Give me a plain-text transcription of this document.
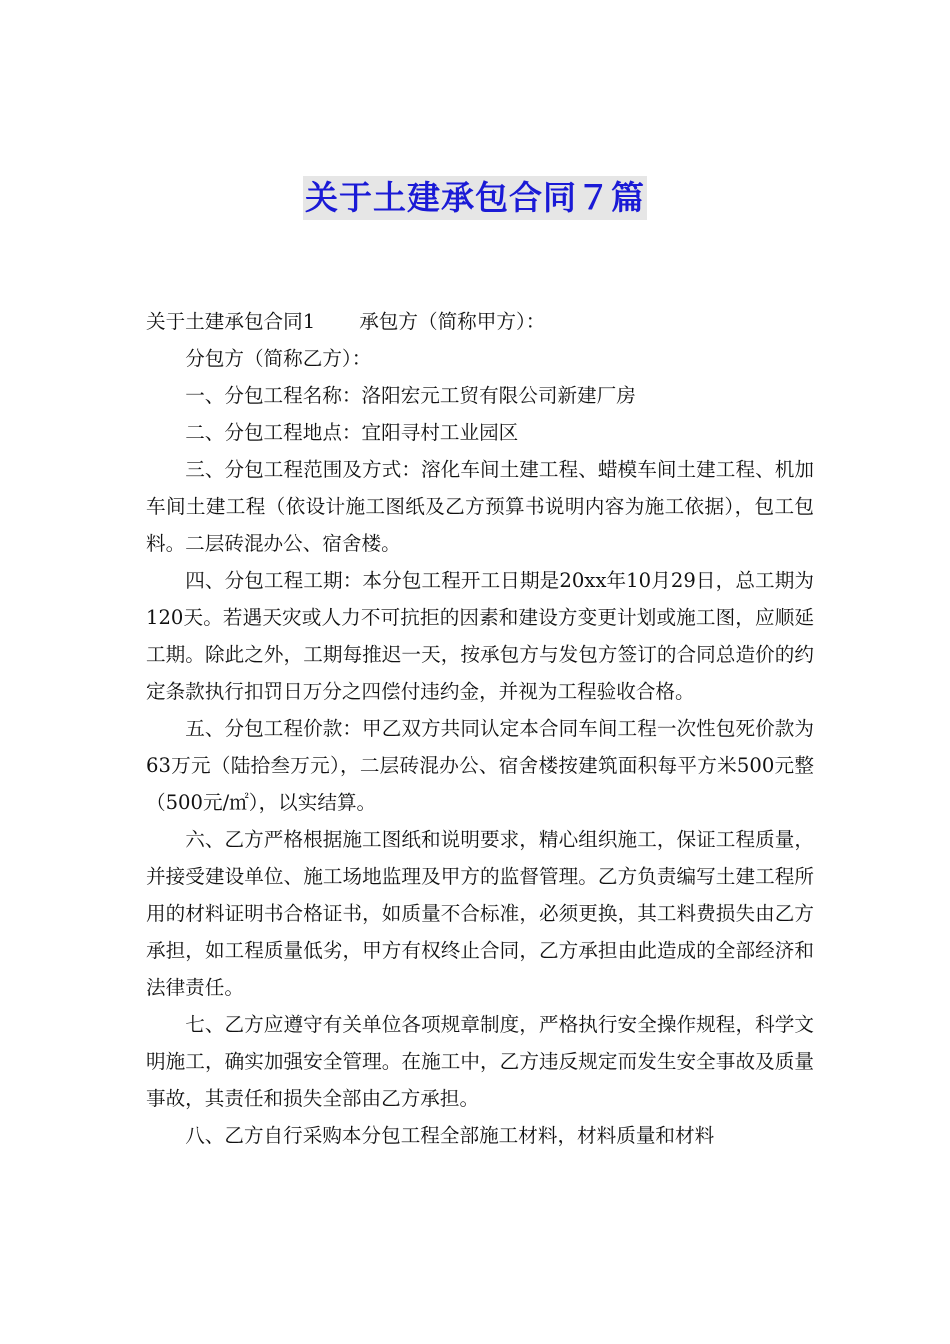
关于土建承包合同７篇

关于土建承包合同1 承包方（简称甲方）：

分包方（简称乙方）：

一、分包工程名称：洛阳宏元工贸有限公司新建厂房

二、分包工程地点：宜阳寻村工业园区

三、分包工程范围及方式：溶化车间土建工程、蜡模车间土建工程、机加车间土建工程（依设计施工图纸及乙方预算书说明内容为施工依据），包工包料。二层砖混办公、宿舍楼。

四、分包工程工期：本分包工程开工日期是20xx年10月29日，总工期为120天。若遇天灾或人力不可抗拒的因素和建设方变更计划或施工图，应顺延工期。除此之外，工期每推迟一天，按承包方与发包方签订的合同总造价的约定条款执行扣罚日万分之四偿付违约金，并视为工程验收合格。

五、分包工程价款：甲乙双方共同认定本合同车间工程一次性包死价款为63万元（陆拾叁万元），二层砖混办公、宿舍楼按建筑面积每平方米500元整（500元/㎡），以实结算。

六、乙方严格根据施工图纸和说明要求，精心组织施工，保证工程质量，并接受建设单位、施工场地监理及甲方的监督管理。乙方负责编写土建工程所用的材料证明书合格证书，如质量不合标准，必须更换，其工料费损失由乙方承担，如工程质量低劣，甲方有权终止合同，乙方承担由此造成的全部经济和法律责任。

七、乙方应遵守有关单位各项规章制度，严格执行安全操作规程，科学文明施工，确实加强安全管理。在施工中，乙方违反规定而发生安全事故及质量事故，其责任和损失全部由乙方承担。

八、乙方自行采购本分包工程全部施工材料，材料质量和材料
